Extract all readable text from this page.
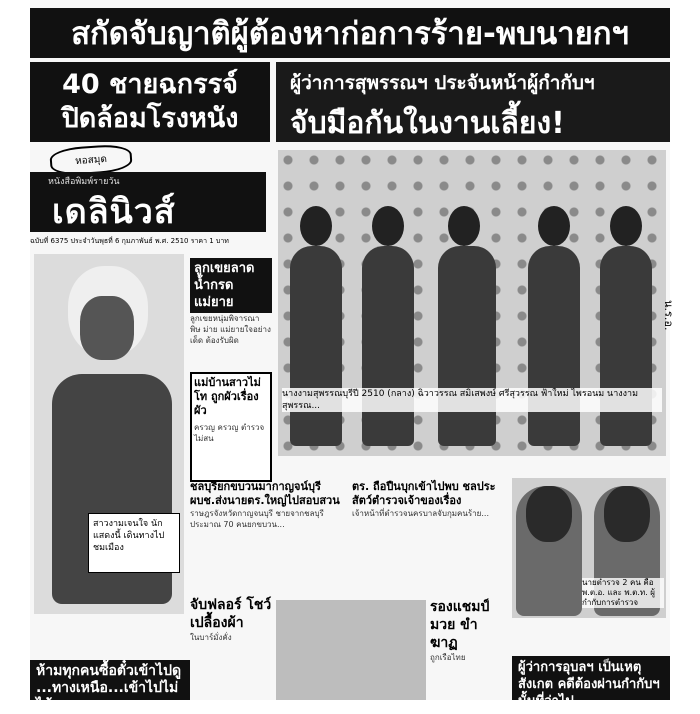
สกัดจับญาติผู้ต้องหาก่อการร้าย-พบนายกฯ
40 ชายฉกรรจ์
ปิดล้อมโรงหนัง
ผู้ว่าการสุพรรณฯ ประจันหน้าผู้กำกับฯ
จับมือกันในงานเลี้ยง!
หอสมุด
หนังสือพิมพ์รายวัน
เดลินิวส์
ฉบับที่ 6375 ประจำวันพุธที่ 6 กุมภาพันธ์ พ.ศ. 2510 ราคา 1 บาท
นางงามสุพรรณบุรีปี 2510 (กลาง) ฉิวาวรรณ สมิเสพงษ์ ศรีสุวรรณ ฟ้าใหม่ ไพรอนม นางงามสุพรรณ...
สาวงามเจนใจ นักแสดงนี้ เดินทางไปชมเมือง
ลูกเขยลาด น้ำกรดแม่ยาย
ลูกเขยหนุ่มพิจารณา พิษ ม่าย แม่ยายใจอย่างเด็ด ต้องรับผิด
แม่บ้านสาวไม่โท ถูกผัวเรื่องผัว
ครวญ ครวญ ตำรวจไม่สน
ชลบุรียกขบวนมากาญจน์บุรี ผบช.ส่งนายตร.ใหญ่ไปสอบสวน
ราษฎรจังหวัดกาญจนบุรี ชายจากชลบุรีประมาณ 70 คนยกขบวน...
ตร. ถือปืนบุกเข้าไปพบ ชลประสัตว์ตำรวจเจ้าของเรื่อง
เจ้าหน้าที่ตำรวจนครบาลจับกุมคนร้าย...
นายตำรวจ 2 คน คือ พ.ต.อ. และ พ.ต.ท. ผู้กำกับการตำรวจ
จับฟลอร์ โชว์ เปลื้องผ้า
ในบาร์มั่งคั่ง
รองแชมป์มวย ขำ ฆาฏ
ถูกเรือไทย
ห้ามทุกคนซื้อตั๋วเข้าไปดู ...ทางเหนือ...เข้าไปไม่ได้
ผู้ว่าการอุบลฯ เป็นเหตุสังเกต คดีต้องผ่านกำกับฯ นั้นที่ว่าไป
น.ร.อ.
